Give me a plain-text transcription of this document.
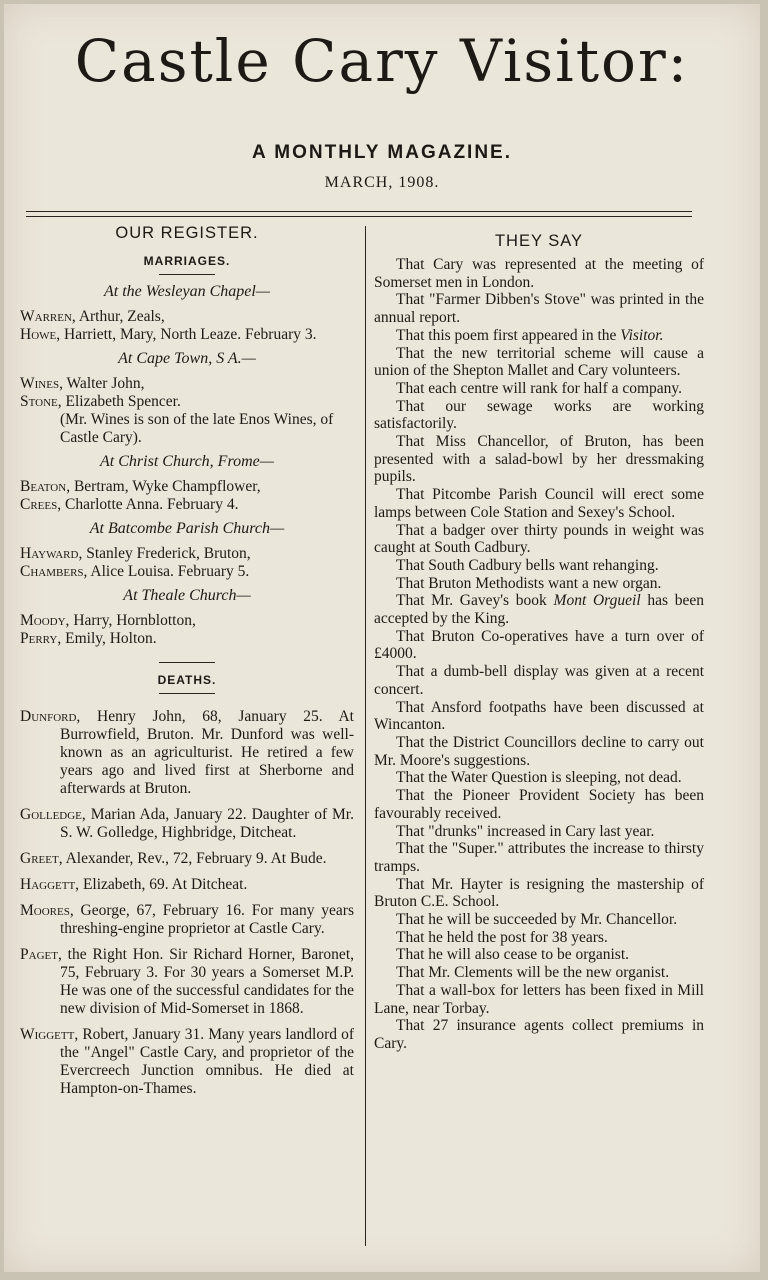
Castle Cary Visitor:
A MONTHLY MAGAZINE.
MARCH, 1908.
OUR REGISTER.
MARRIAGES.
At the Wesleyan Chapel—

Warren, Arthur, Zeals,

Howe, Harriett, Mary, North Leaze. February 3.

At Cape Town, S A.—

Wines, Walter John,

Stone, Elizabeth Spencer.

(Mr. Wines is son of the late Enos Wines, of Castle Cary).

At Christ Church, Frome—

Beaton, Bertram, Wyke Champflower,

Crees, Charlotte Anna. February 4.

At Batcombe Parish Church—

Hayward, Stanley Frederick, Bruton,

Chambers, Alice Louisa. February 5.

At Theale Church—

Moody, Harry, Hornblotton,

Perry, Emily, Holton.

DEATHS.

Dunford, Henry John, 68, January 25. At Burrowfield, Bruton. Mr. Dunford was well-known as an agriculturist. He retired a few years ago and lived first at Sherborne and afterwards at Bruton.

Golledge, Marian Ada, January 22. Daughter of Mr. S. W. Golledge, Highbridge, Ditcheat.

Greet, Alexander, Rev., 72, February 9. At Bude.

Haggett, Elizabeth, 69. At Ditcheat.

Moores, George, 67, February 16. For many years threshing-engine proprietor at Castle Cary.

Paget, the Right Hon. Sir Richard Horner, Baronet, 75, February 3. For 30 years a Somerset M.P. He was one of the successful candidates for the new division of Mid-Somerset in 1868.

Wiggett, Robert, January 31. Many years landlord of the "Angel" Castle Cary, and proprietor of the Evercreech Junction omnibus. He died at Hampton-on-Thames.

THEY SAY

That Cary was represented at the meeting of Somerset men in London.

That "Farmer Dibben's Stove" was printed in the annual report.

That this poem first appeared in the Visitor.

That the new territorial scheme will cause a union of the Shepton Mallet and Cary volunteers.

That each centre will rank for half a company.

That our sewage works are working satisfactorily.

That Miss Chancellor, of Bruton, has been presented with a salad-bowl by her dressmaking pupils.

That Pitcombe Parish Council will erect some lamps between Cole Station and Sexey's School.

That a badger over thirty pounds in weight was caught at South Cadbury.

That South Cadbury bells want rehanging.

That Bruton Methodists want a new organ.

That Mr. Gavey's book Mont Orgueil has been accepted by the King.

That Bruton Co-operatives have a turn over of £4000.

That a dumb-bell display was given at a recent concert.

That Ansford footpaths have been discussed at Wincanton.

That the District Councillors decline to carry out Mr. Moore's suggestions.

That the Water Question is sleeping, not dead.

That the Pioneer Provident Society has been favourably received.

That "drunks" increased in Cary last year.

That the "Super." attributes the increase to thirsty tramps.

That Mr. Hayter is resigning the mastership of Bruton C.E. School.

That he will be succeeded by Mr. Chancellor.

That he held the post for 38 years.

That he will also cease to be organist.

That Mr. Clements will be the new organist.

That a wall-box for letters has been fixed in Mill Lane, near Torbay.

That 27 insurance agents collect premiums in Cary.
